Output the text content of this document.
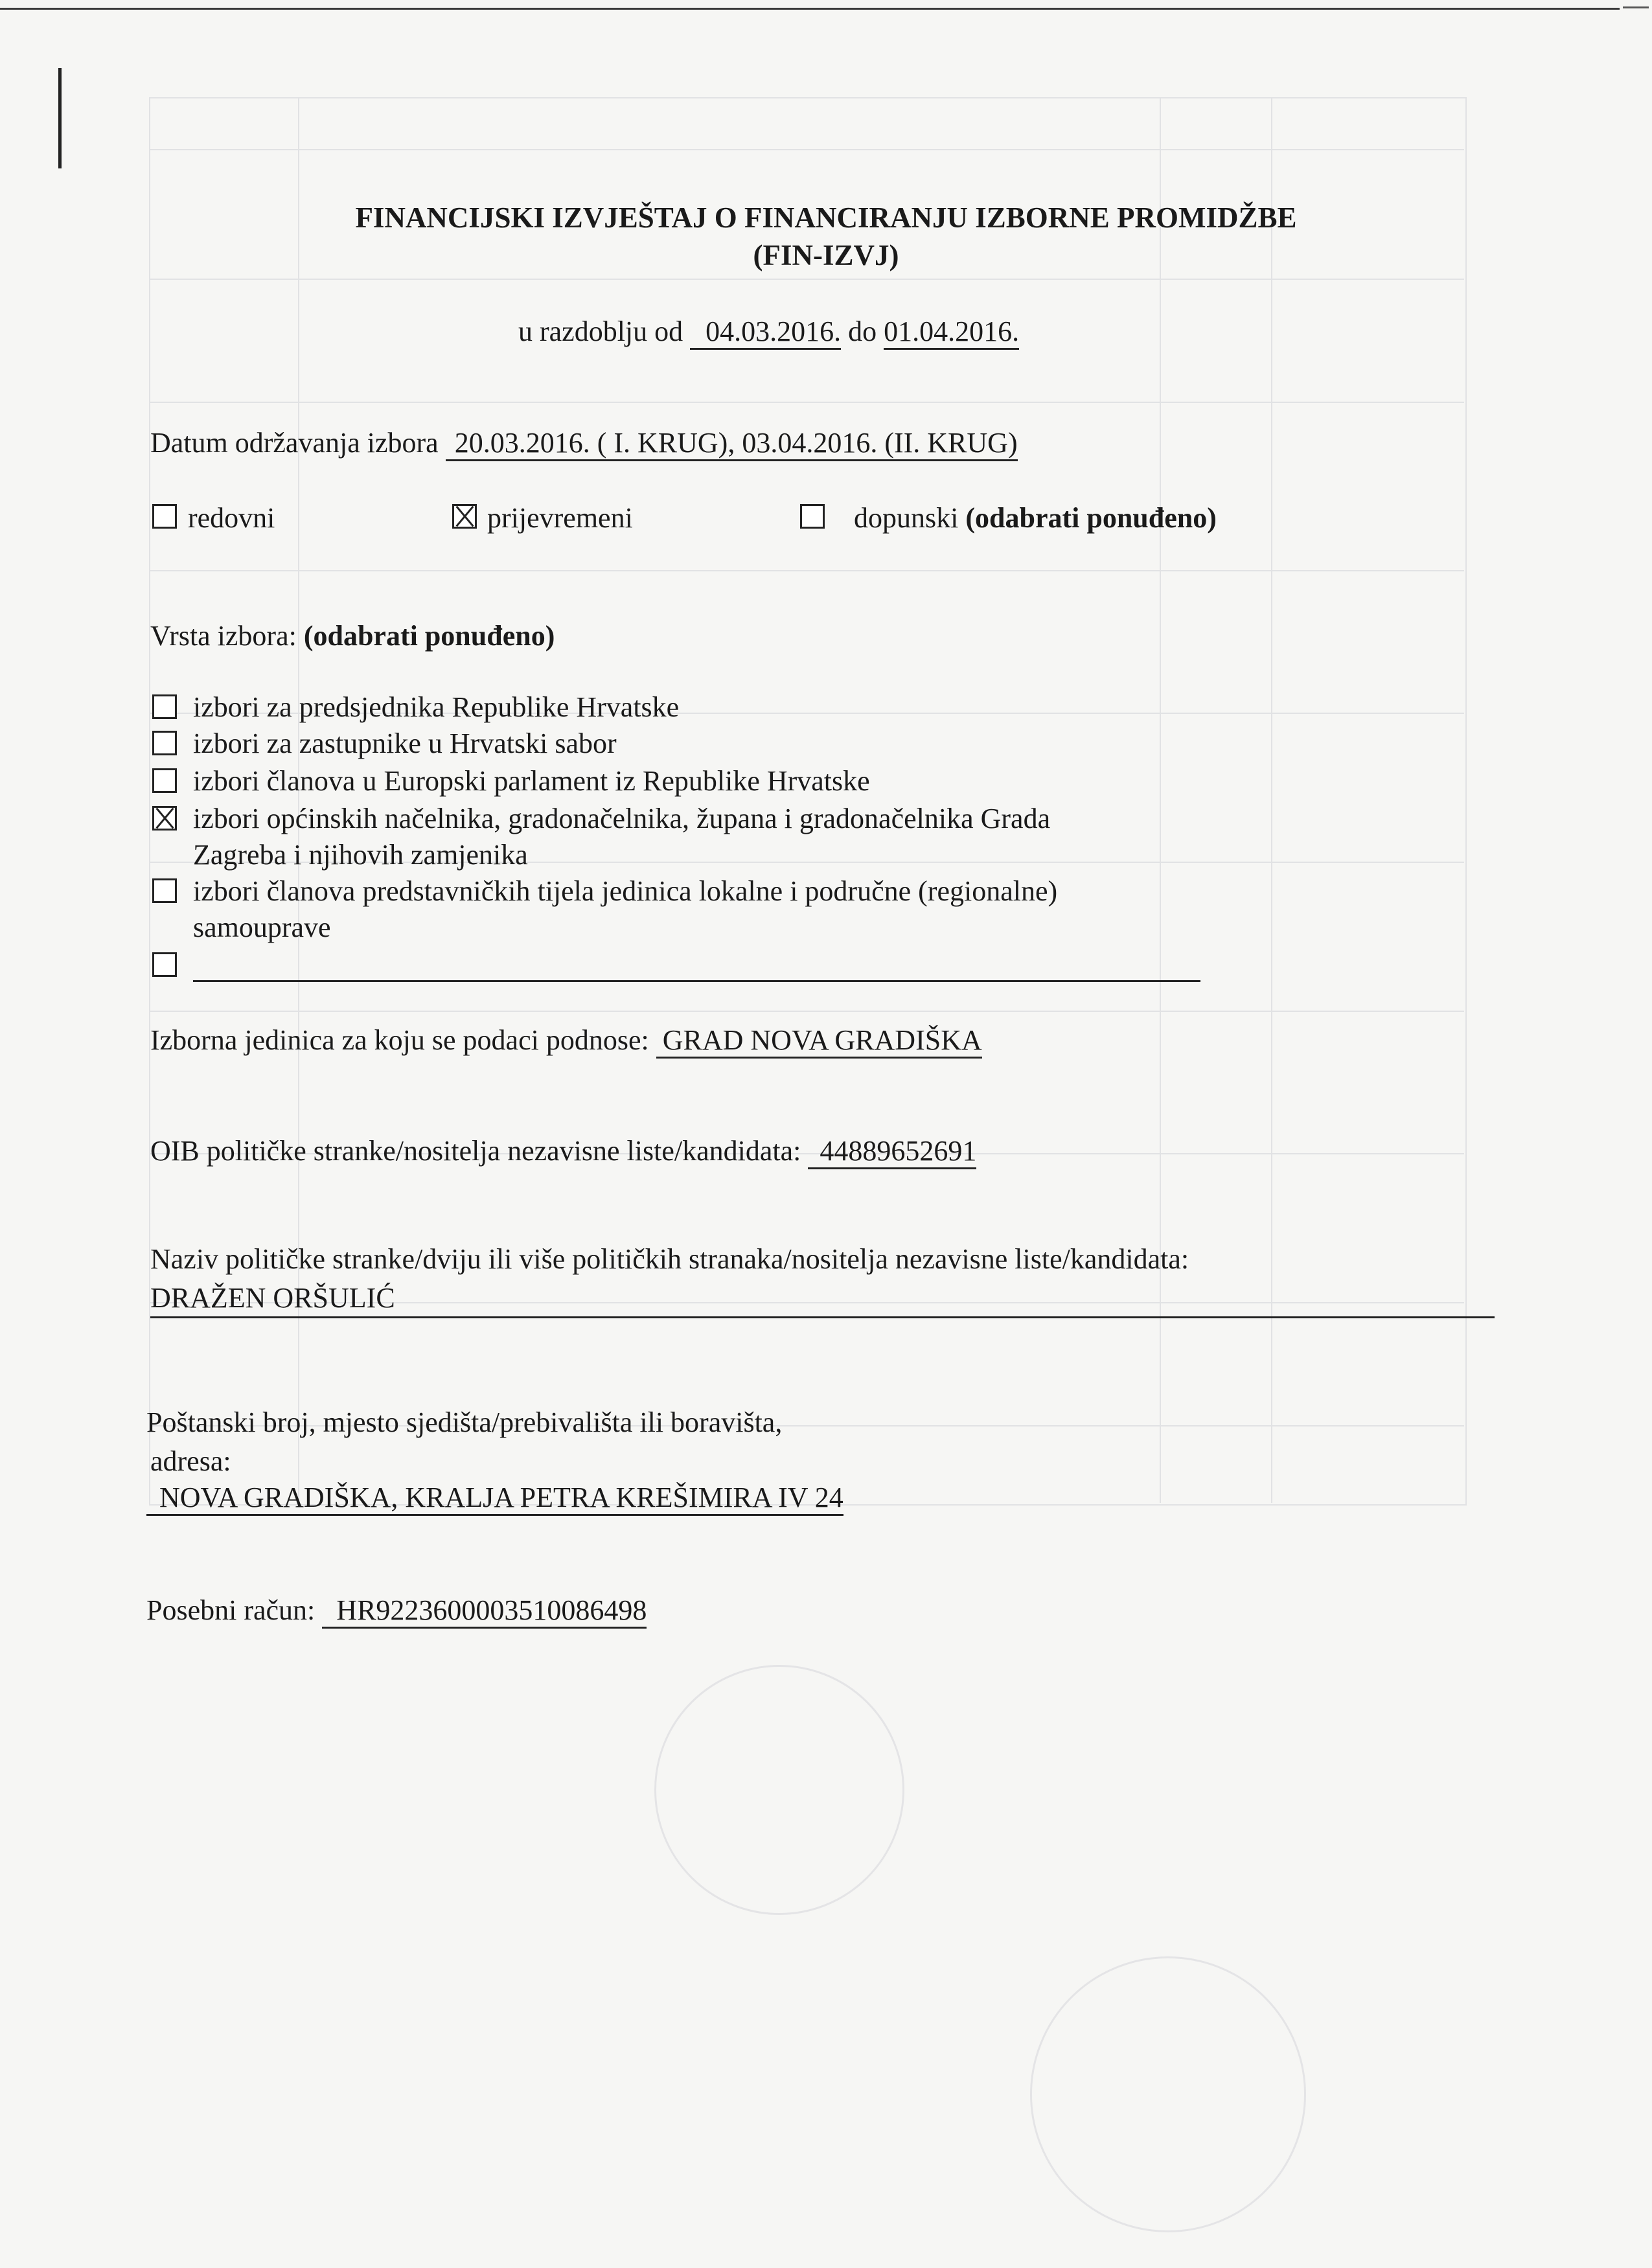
FINANCIJSKI IZVJEŠTAJ O FINANCIRANJU IZBORNE PROMIDŽBE
(FIN-IZVJ)
u razdoblju od 04.03.2016. do 01.04.2016.
Datum održavanja izbora 20.03.2016. ( I. KRUG), 03.04.2016. (II. KRUG)
redovni	prijevremeni	dopunski (odabrati ponuđeno)
Vrsta izbora: (odabrati ponuđeno)
izbori za predsjednika Republike Hrvatske
izbori za zastupnike u Hrvatski sabor
izbori članova u Europski parlament iz Republike Hrvatske
izbori općinskih načelnika, gradonačelnika, župana i gradonačelnika Grada
Zagreba i njihovih zamjenika
izbori članova predstavničkih tijela jedinica lokalne i područne (regionalne)
samouprave
Izborna jedinica za koju se podaci podnose: GRAD NOVA GRADIŠKA
OIB političke stranke/nositelja nezavisne liste/kandidata: 44889652691
Naziv političke stranke/dviju ili više političkih stranaka/nositelja nezavisne liste/kandidata:
DRAŽEN ORŠULIĆ
Poštanski broj, mjesto sjedišta/prebivališta ili boravišta,
adresa:
NOVA GRADIŠKA, KRALJA PETRA KREŠIMIRA IV 24
Posebni račun: HR9223600003510086498
